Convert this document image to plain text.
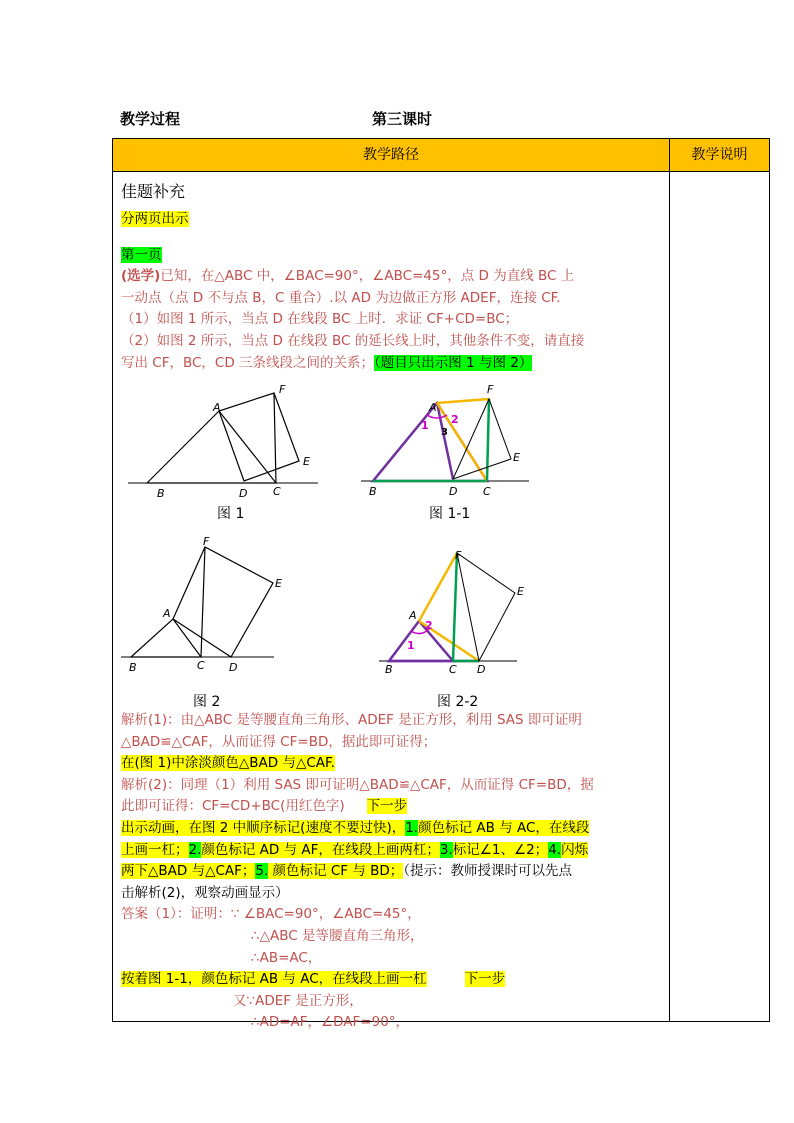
教学过程	第三课时
教学路径	教学说明
佳题补充
分两页出示
第一页
(选学)已知，在△ABC 中，∠BAC=90°，∠ABC=45°，点 D 为直线 BC 上
一动点（点 D 不与点 B，C 重合）.以 AD 为边做正方形 ADEF，连接 CF.
（1）如图 1 所示，当点 D 在线段 BC 上时．求证 CF+CD=BC；
（2）如图 2 所示，当点 D 在线段 BC 的延长线上时，其他条件不变，请直接
写出 CF，BC，CD 三条线段之间的关系；（题目只出示图 1 与图 2）
A
B	C
D
E
F
图 1
A
B	C
D
E
F
1 2
3
图 1-1
A
B	C D
E
F
图 2
A
B	C D
E
F
2
1
图 2-2
解析(1)：由△ABC 是等腰直角三角形、ADEF 是正方形，利用 SAS 即可证明
△BAD≌△CAF，从而证得 CF=BD，据此即可证得；
在(图 1)中涂淡颜色△BAD 与△CAF.
解析(2)：同理（1）利用 SAS 即可证明△BAD≌△CAF，从而证得 CF=BD，据
此即可证得：CF=CD+BC(用红色字) 下一步
出示动画，在图 2 中顺序标记(速度不要过快)，1.颜色标记 AB 与 AC，在线段
上画一杠；2.颜色标记 AD 与 AF，在线段上画两杠；3.标记∠1、∠2；4.闪烁
两下△BAD 与△CAF；5. 颜色标记 CF 与 BD；（提示：教师授课时可以先点
击解析(2)，观察动画显示）
答案（1）：证明：∵ ∠BAC=90°，∠ABC=45°，
∴△ABC 是等腰直角三角形，
∴AB=AC，
按着图 1-1，颜色标记 AB 与 AC，在线段上画一杠	下一步
又∵ADEF 是正方形，
∴AD=AF，∠DAF=90°，
